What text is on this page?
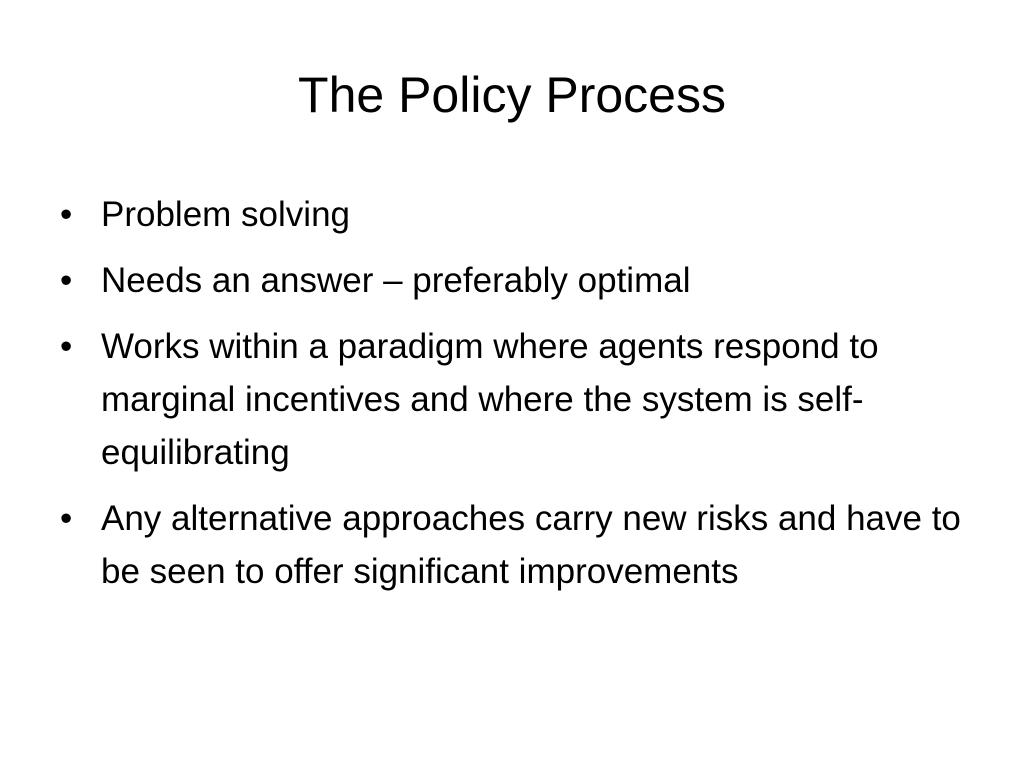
The Policy Process
• Problem solving
• Needs an answer – preferably optimal
• Works within a paradigm where agents respond to marginal incentives and where the system is self-equilibrating
• Any alternative approaches carry new risks and have to be seen to offer significant improvements
